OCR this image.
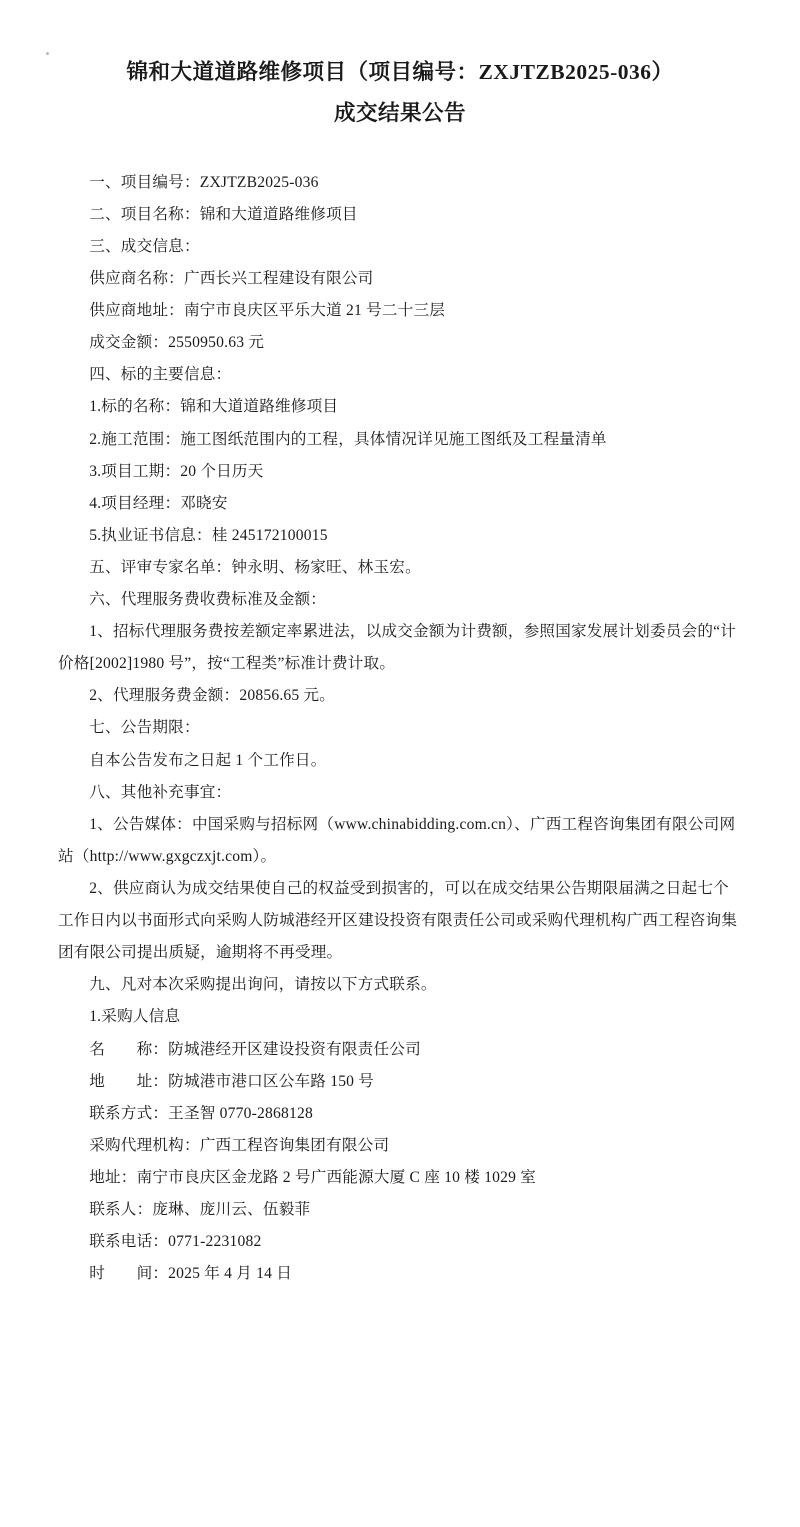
锦和大道道路维修项目（项目编号：ZXJTZB2025-036）
成交结果公告

一、项目编号：ZXJTZB2025-036

二、项目名称：锦和大道道路维修项目

三、成交信息：

供应商名称：广西长兴工程建设有限公司

供应商地址：南宁市良庆区平乐大道 21 号二十三层

成交金额：2550950.63 元

四、标的主要信息：

1.标的名称：锦和大道道路维修项目

2.施工范围：施工图纸范围内的工程，具体情况详见施工图纸及工程量清单

3.项目工期：20 个日历天

4.项目经理：邓晓安

5.执业证书信息：桂 245172100015

五、评审专家名单：钟永明、杨家旺、林玉宏。

六、代理服务费收费标准及金额：

1、招标代理服务费按差额定率累进法，以成交金额为计费额，参照国家发展计划委员会的“计价格[2002]1980 号”，按“工程类”标准计费计取。

2、代理服务费金额：20856.65 元。

七、公告期限：

自本公告发布之日起 1 个工作日。

八、其他补充事宜：

1、公告媒体：中国采购与招标网（www.chinabidding.com.cn）、广西工程咨询集团有限公司网站（http://www.gxgczxjt.com）。

2、供应商认为成交结果使自己的权益受到损害的，可以在成交结果公告期限届满之日起七个工作日内以书面形式向采购人防城港经开区建设投资有限责任公司或采购代理机构广西工程咨询集团有限公司提出质疑，逾期将不再受理。

九、凡对本次采购提出询问，请按以下方式联系。

1.采购人信息

名　　称：防城港经开区建设投资有限责任公司

地　　址：防城港市港口区公车路 150 号

联系方式：王圣智 0770-2868128

采购代理机构：广西工程咨询集团有限公司

地址：南宁市良庆区金龙路 2 号广西能源大厦 C 座 10 楼 1029 室

联系人：庞琳、庞川云、伍毅菲

联系电话：0771-2231082

时　　间：2025 年 4 月 14 日
